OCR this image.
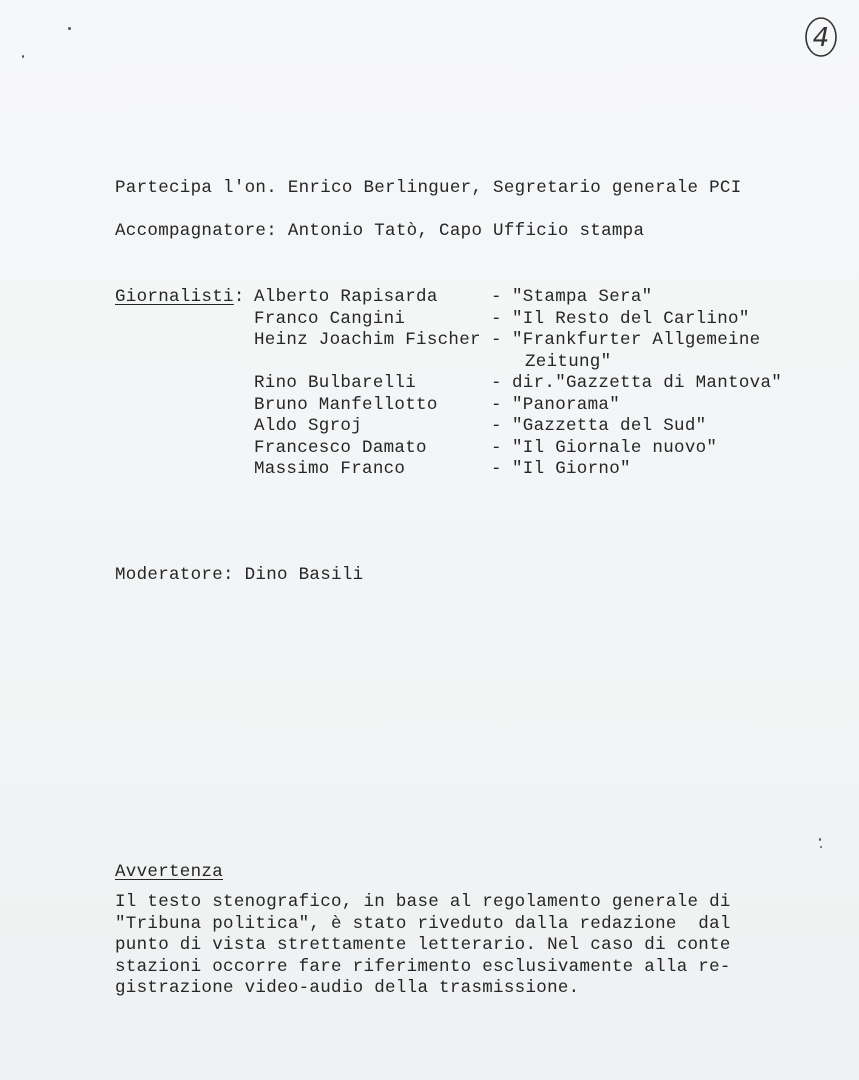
4
Partecipa l'on. Enrico Berlinguer, Segretario generale PCI
Accompagnatore: Antonio Tatò, Capo Ufficio stampa
Giornalisti: Alberto Rapisarda	- "Stampa Sera"
Franco Cangini	- "Il Resto del Carlino"
Heinz Joachim Fischer - "Frankfurter Allgemeine
Zeitung"
Rino Bulbarelli	- dir."Gazzetta di Mantova"
Bruno Manfellotto	- "Panorama"
Aldo Sgroj	- "Gazzetta del Sud"
Francesco Damato	- "Il Giornale nuovo"
Massimo Franco	- "Il Giorno"
Moderatore: Dino Basili
Avvertenza
Il testo stenografico, in base al regolamento generale di
"Tribuna politica", è stato riveduto dalla redazione  dal
punto di vista strettamente letterario. Nel caso di conte
stazioni occorre fare riferimento esclusivamente alla re-
gistrazione video-audio della trasmissione.
